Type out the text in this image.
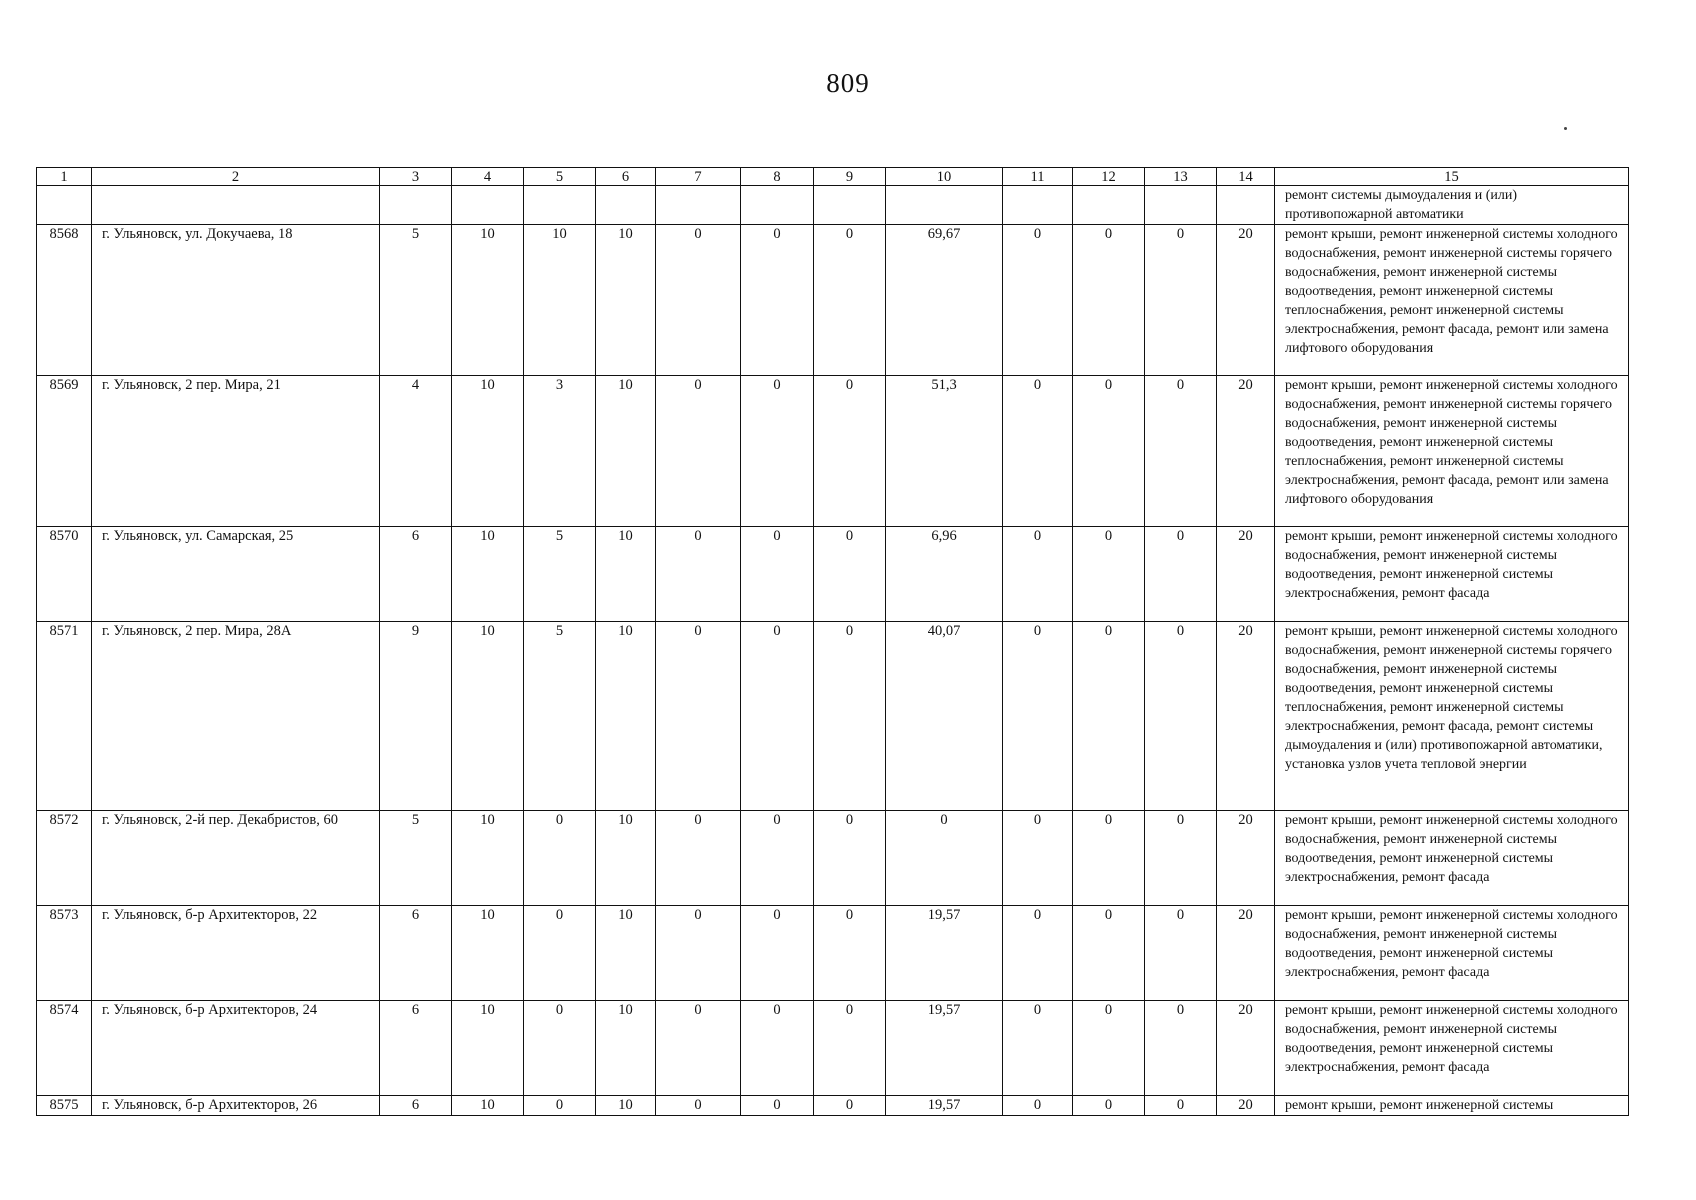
809
1	2	3	4	5	6	7	8	9	10	11	12	13	14	15
														ремонт системы дымоудаления и (или) противопожарной автоматики
8568	г. Ульяновск, ул. Докучаева, 18	5	10	10	10	0	0	0	69,67	0	0	0	20	ремонт крыши, ремонт инженерной системы холодного водоснабжения, ремонт инженерной системы горячего водоснабжения, ремонт инженерной системы водоотведения, ремонт инженерной системы теплоснабжения, ремонт инженерной системы электроснабжения, ремонт фасада, ремонт или замена лифтового оборудования
8569	г. Ульяновск, 2 пер. Мира, 21	4	10	3	10	0	0	0	51,3	0	0	0	20	ремонт крыши, ремонт инженерной системы холодного водоснабжения, ремонт инженерной системы горячего водоснабжения, ремонт инженерной системы водоотведения, ремонт инженерной системы теплоснабжения, ремонт инженерной системы электроснабжения, ремонт фасада, ремонт или замена лифтового оборудования
8570	г. Ульяновск, ул. Самарская, 25	6	10	5	10	0	0	0	6,96	0	0	0	20	ремонт крыши, ремонт инженерной системы холодного водоснабжения, ремонт инженерной системы водоотведения, ремонт инженерной системы электроснабжения, ремонт фасада
8571	г. Ульяновск, 2 пер. Мира, 28А	9	10	5	10	0	0	0	40,07	0	0	0	20	ремонт крыши, ремонт инженерной системы холодного водоснабжения, ремонт инженерной системы горячего водоснабжения, ремонт инженерной системы водоотведения, ремонт инженерной системы теплоснабжения, ремонт инженерной системы электроснабжения, ремонт фасада, ремонт системы дымоудаления и (или) противопожарной автоматики, установка узлов учета тепловой энергии
8572	г. Ульяновск, 2-й пер. Декабристов, 60	5	10	0	10	0	0	0	0	0	0	0	20	ремонт крыши, ремонт инженерной системы холодного водоснабжения, ремонт инженерной системы водоотведения, ремонт инженерной системы электроснабжения, ремонт фасада
8573	г. Ульяновск, б-р Архитекторов, 22	6	10	0	10	0	0	0	19,57	0	0	0	20	ремонт крыши, ремонт инженерной системы холодного водоснабжения, ремонт инженерной системы водоотведения, ремонт инженерной системы электроснабжения, ремонт фасада
8574	г. Ульяновск, б-р Архитекторов, 24	6	10	0	10	0	0	0	19,57	0	0	0	20	ремонт крыши, ремонт инженерной системы холодного водоснабжения, ремонт инженерной системы водоотведения, ремонт инженерной системы электроснабжения, ремонт фасада
8575	г. Ульяновск, б-р Архитекторов, 26	6	10	0	10	0	0	0	19,57	0	0	0	20	ремонт крыши, ремонт инженерной системы
